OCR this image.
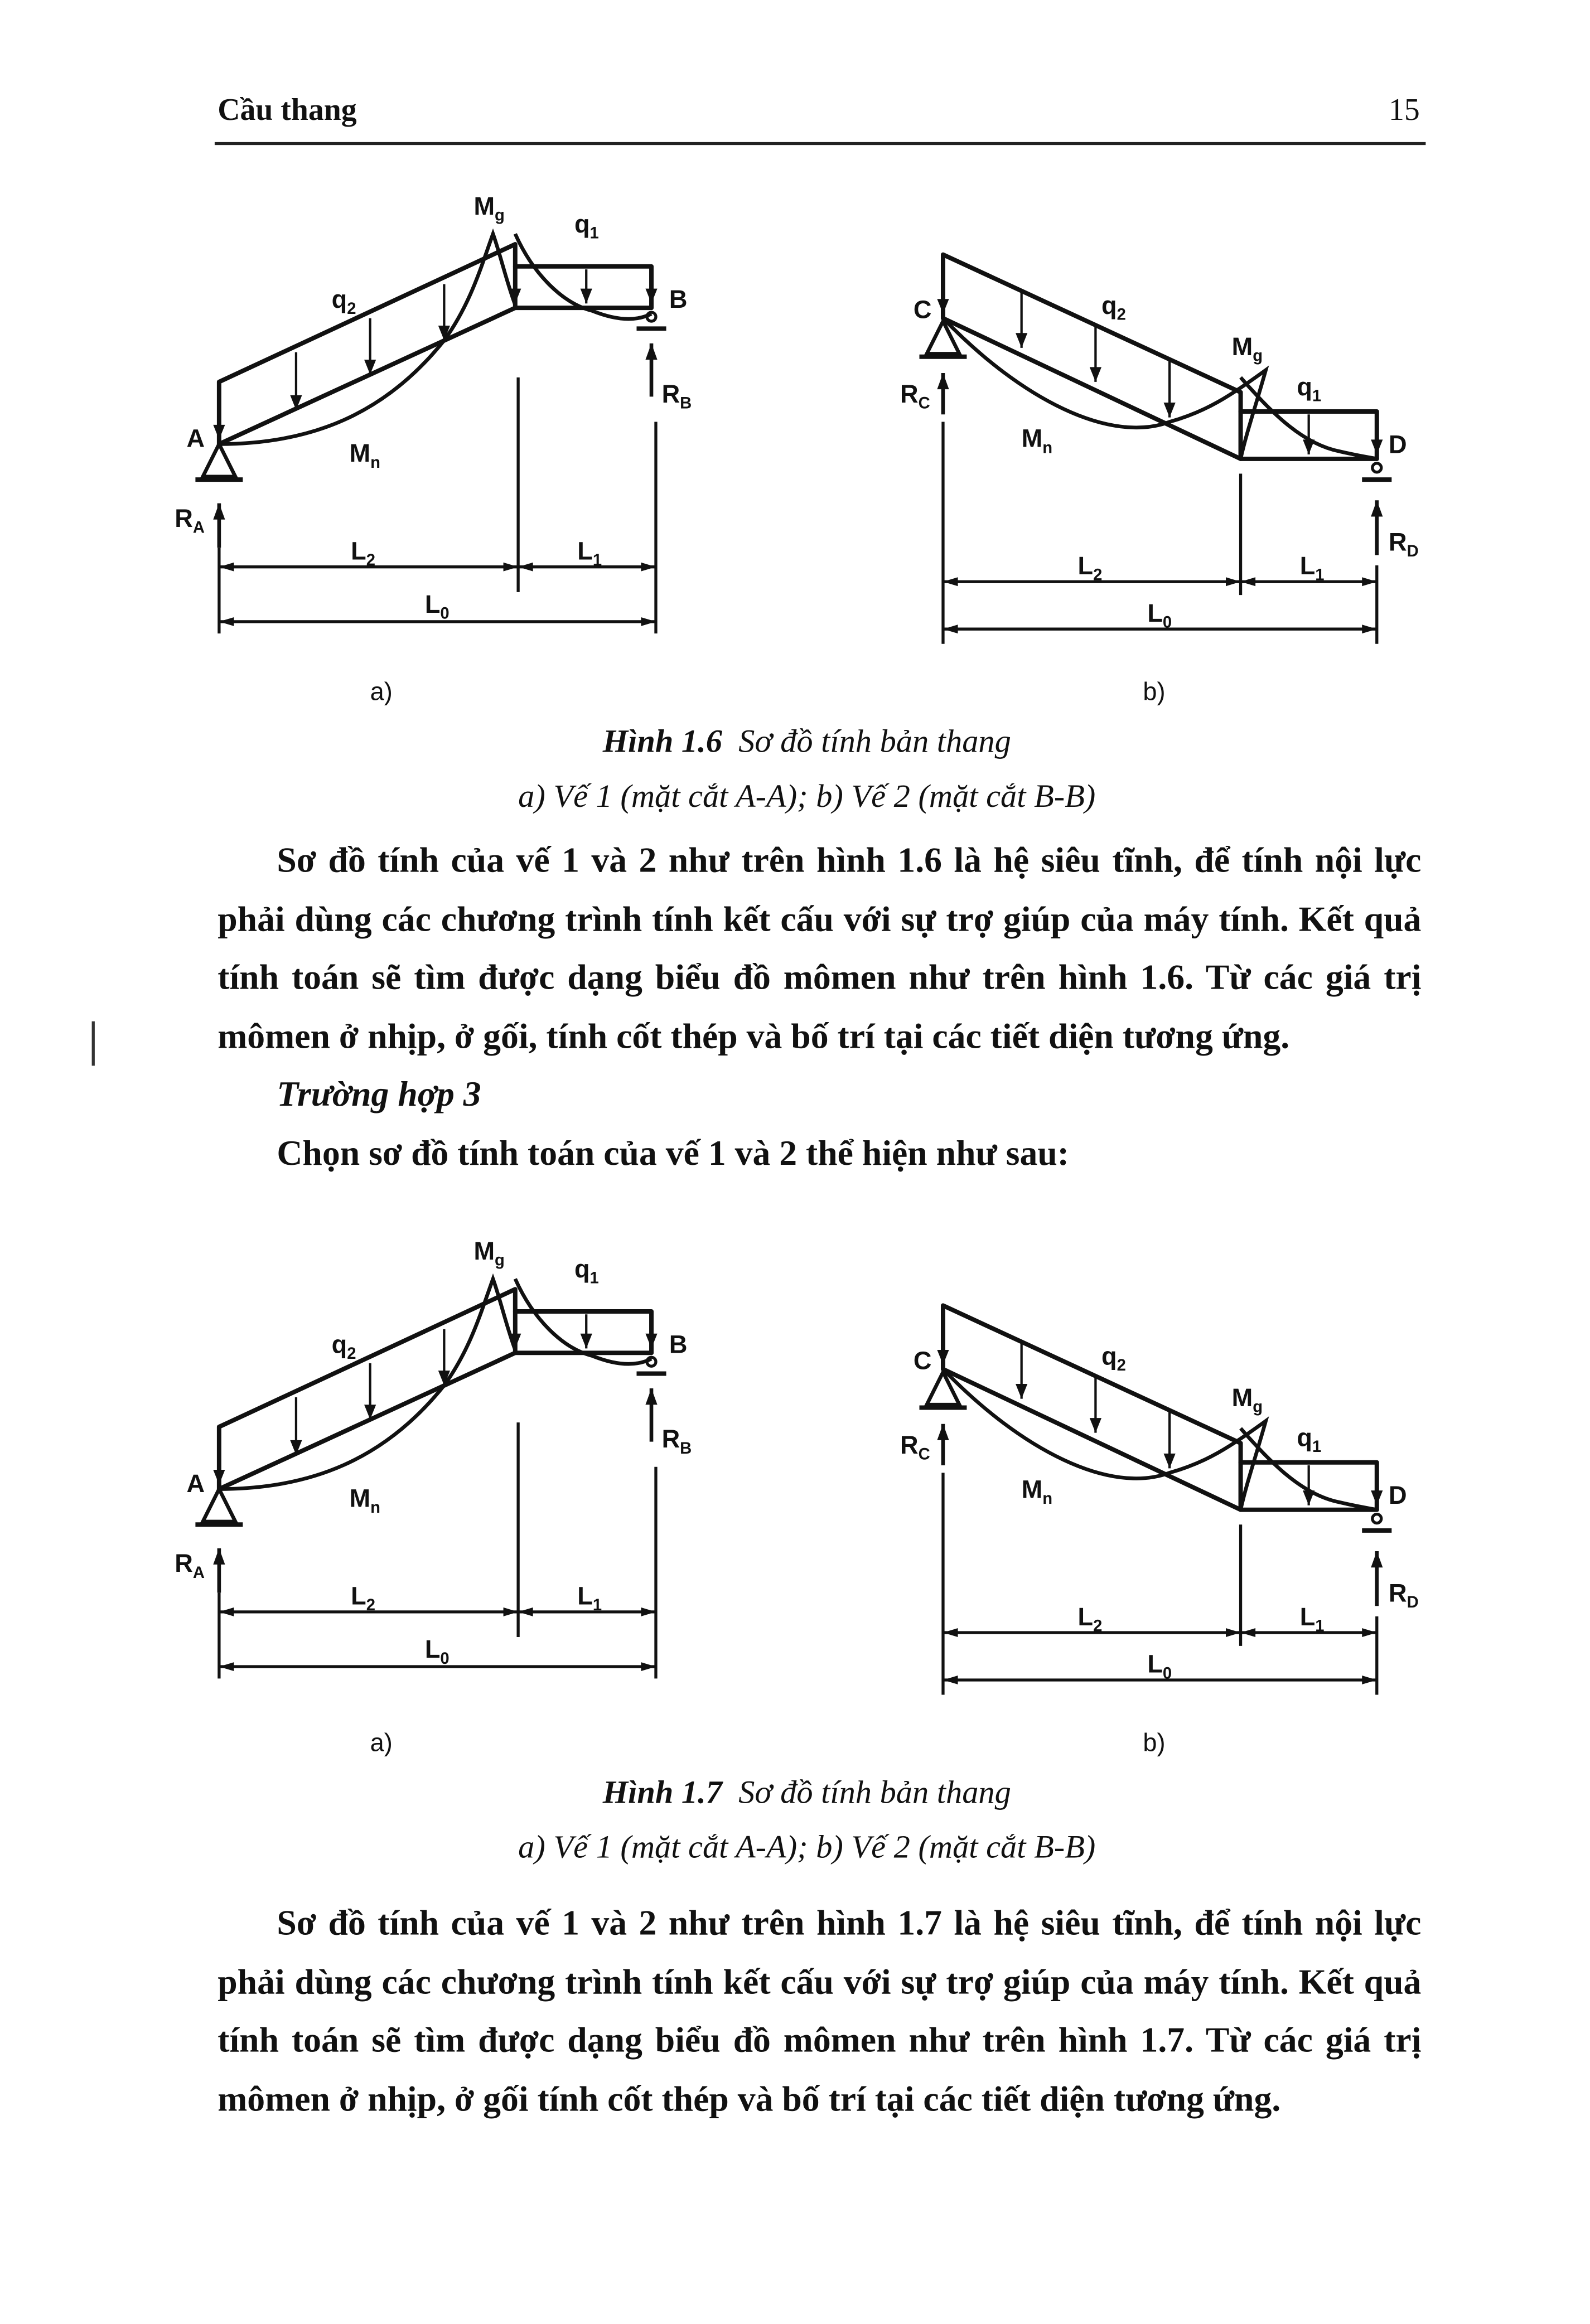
Cầu thang	15
$M_g$	$q_1$
$q_2$	B
$R_B$
A
$M_n$
$R_A$
$L_2$	$L_1$
$L_0$
C	$q_2$
$M_g$
$q_1$
$R_C$
$M_n$	D
$R_D$
$L_2$	$L_1$
$L_0$
$M_g$	$q_1$
$q_2$	B
$R_B$
A
$M_n$
$R_A$
$L_2$	$L_1$
$L_0$
C	$q_2$
$M_g$
$q_1$
$R_C$
$M_n$	D
$R_D$
$L_2$	$L_1$
$L_0$
a)	b)
Hình 1.6 Sơ đồ tính bản thang
a) Vế 1 (mặt cắt A-A); b) Vế 2 (mặt cắt B-B)

Sơ đồ tính của vế 1 và 2 như trên hình 1.6 là hệ siêu tĩnh, để tính nội lực phải dùng các chương trình tính kết cấu với sự trợ giúp của máy tính. Kết quả tính toán sẽ tìm được dạng biểu đồ mômen như trên hình 1.6. Từ các giá trị mômen ở nhịp, ở gối, tính cốt thép và bố trí tại các tiết diện tương ứng.

Trường hợp 3

Chọn sơ đồ tính toán của vế 1 và 2 thể hiện như sau:

a)	b)
Hình 1.7 Sơ đồ tính bản thang
a) Vế 1 (mặt cắt A-A); b) Vế 2 (mặt cắt B-B)

Sơ đồ tính của vế 1 và 2 như trên hình 1.7 là hệ siêu tĩnh, để tính nội lực phải dùng các chương trình tính kết cấu với sự trợ giúp của máy tính. Kết quả tính toán sẽ tìm được dạng biểu đồ mômen như trên hình 1.7. Từ các giá trị mômen ở nhịp, ở gối tính cốt thép và bố trí tại các tiết diện tương ứng.
